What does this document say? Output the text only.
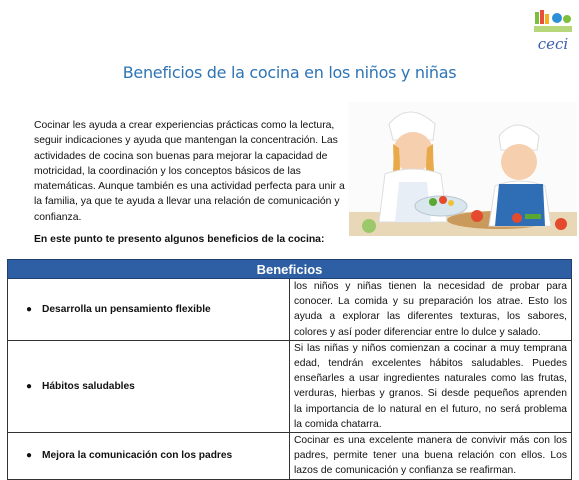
ceci
Beneficios de la cocina en los niños y niñas

Cocinar les ayuda a crear experiencias prácticas como la lectura, seguir indicaciones y ayuda que mantengan la concentración. Las actividades de cocina son buenas para mejorar la capacidad de motricidad, la coordinación y los conceptos básicos de las matemáticas. Aunque también es una actividad perfecta para unir a la familia, ya que te ayuda a llevar una relación de comunicación y confianza.

En este punto te presento algunos beneficios de la cocina:

Beneficios	

● Desarrolla un pensamiento flexible	los niños y niñas tienen la necesidad de probar para conocer. La comida y su preparación los atrae. Esto los ayuda a explorar las diferentes texturas, los sabores, colores y así poder diferenciar entre lo dulce y salado.

● Hábitos saludables	Si las niñas y niños comienzan a cocinar a muy temprana edad, tendrán excelentes hábitos saludables. Puedes enseñarles a usar ingredientes naturales como las frutas, verduras, hierbas y granos. Si desde pequeños aprenden la importancia de lo natural en el futuro, no será problema la comida chatarra.

● Mejora la comunicación con los padres	Cocinar es una excelente manera de convivir más con los padres, permite tener una buena relación con ellos. Los lazos de comunicación y confianza se reafirman.
